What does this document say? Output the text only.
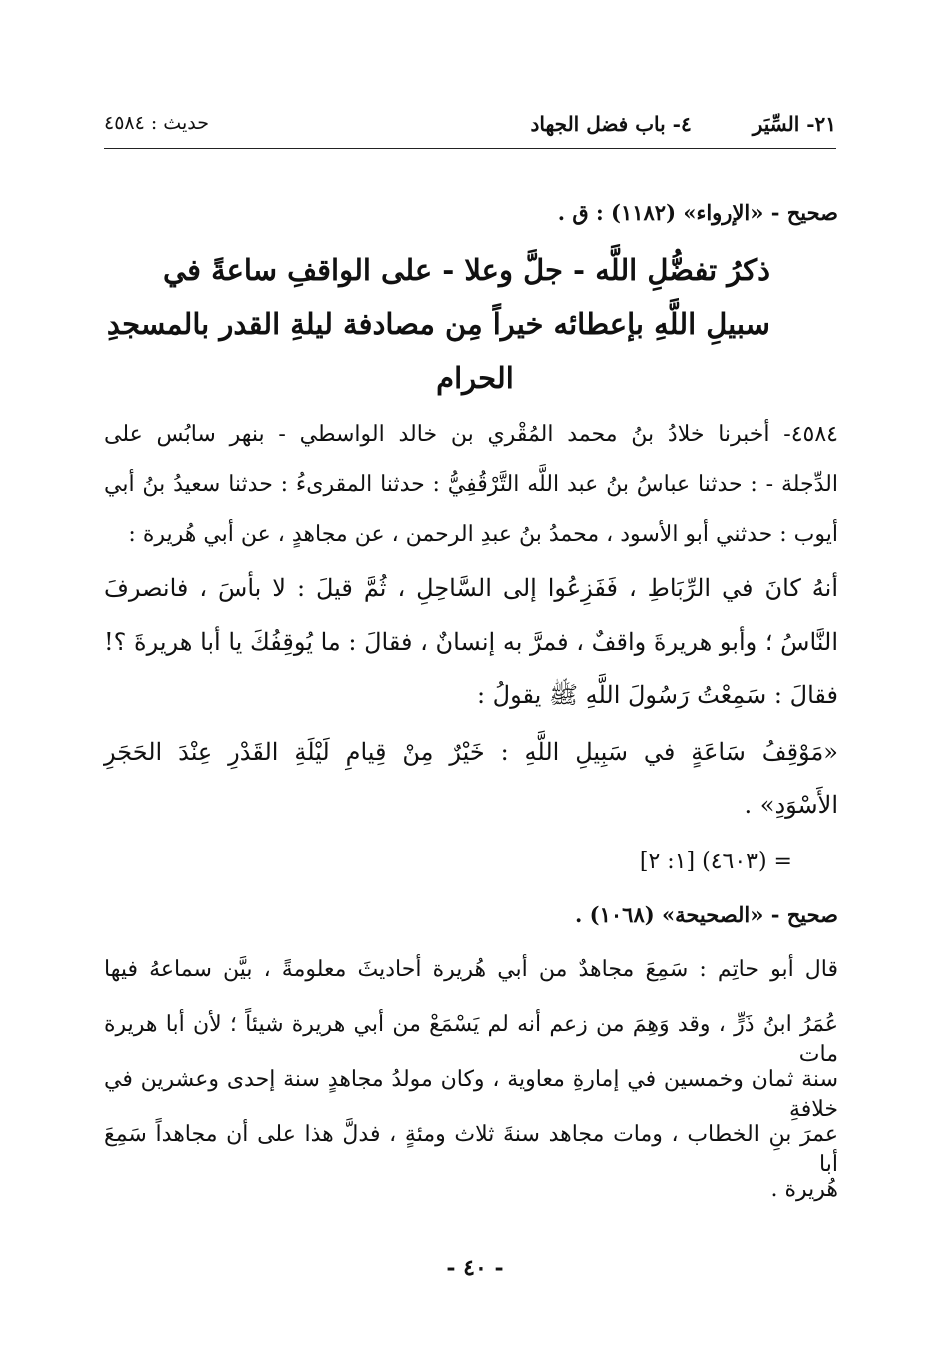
٢١- السِّيَر ٤- باب فضل الجهاد
حديث : ٤٥٨٤
صحيح - «الإرواء» (١١٨٢) : ق .
ذكرُ تفضُّلِ اللَّه - جلَّ وعلا - على الواقفِ ساعةً في
سبيلِ اللَّهِ بإعطائه خيراً مِن مصادفة ليلةِ القدر بالمسجدِ
الحرام
٤٥٨٤- أخبرنا خلادُ بنُ محمد المُقْري بن خالد الواسطي - بنهر سابُس على
الدِّجلة - : حدثنا عباسُ بنُ عبد اللَّه التَّرْقُفِيُّ : حدثنا المقرىءُ : حدثنا سعيدُ بنُ أبي
أيوب : حدثني أبو الأسود ، محمدُ بنُ عبدِ الرحمن ، عن مجاهدٍ ، عن أبي هُريرة :
أنهُ كانَ في الرِّبَاطِ ، فَفَزِعُوا إلى السَّاحِلِ ، ثُمَّ قيلَ : لا بأسَ ، فانصرفَ
النَّاسُ ؛ وأبو هريرةَ واقفٌ ، فمرَّ به إنسانٌ ، فقالَ : ما يُوقِفُكَ يا أبا هريرةَ ؟!
فقالَ : سَمِعْتُ رَسُولَ اللَّهِ ﷺ يقولُ :
«مَوْقِفُ سَاعَةٍ في سَبِيلِ اللَّهِ : خَيْرٌ مِنْ قِيامِ لَيْلَةِ القَدْرِ عِنْدَ الحَجَرِ
الأَسْوَدِ» .
= (٤٦٠٣) [١: ٢]
صحيح - «الصحيحة» (١٠٦٨) .
قال أبو حاتِم : سَمِعَ مجاهدٌ من أبي هُريرة أحاديثَ معلومةً ، بيَّن سماعهُ فيها
عُمَرُ ابنُ ذَرٍّ ، وقد وَهِمَ من زعم أنه لم يَسْمَعْ من أبي هريرة شيئاً ؛ لأن أبا هريرة مات
سنة ثمان وخمسين في إمارةِ معاوية ، وكان مولدُ مجاهدٍ سنة إحدى وعشرين في خلافةِ
عمرَ بنِ الخطاب ، ومات مجاهد سنةَ ثلاث ومئةٍ ، فدلَّ هذا على أن مجاهداً سَمِعَ أبا
هُريرة .
- ٤٠ -
